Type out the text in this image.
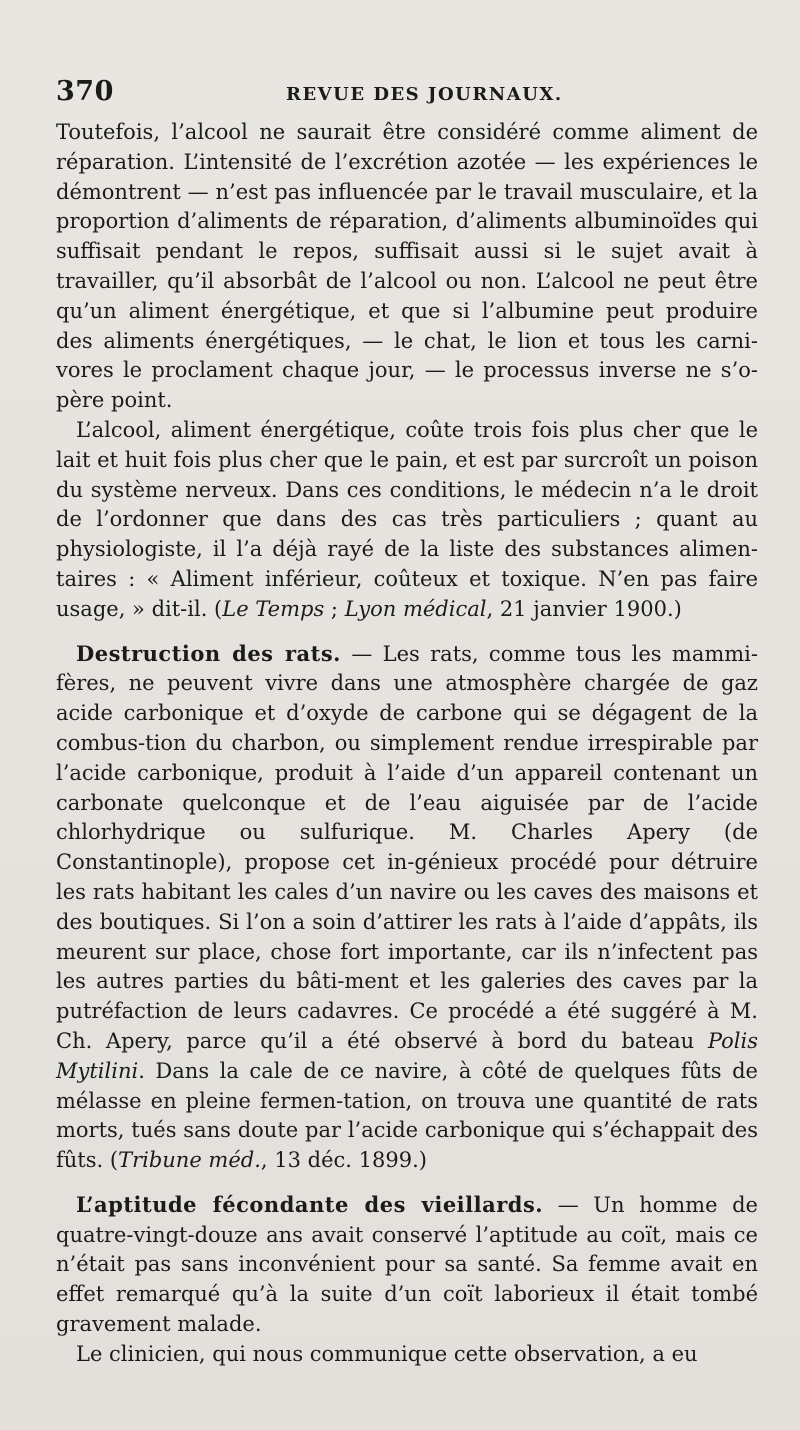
370	REVUE DES JOURNAUX.

Toutefois, l’alcool ne saurait être considéré comme aliment de réparation. L’intensité de l’excrétion azotée — les expériences le démontrent — n’est pas influencée par le travail musculaire, et la proportion d’aliments de réparation, d’aliments albuminoïdes qui suffisait pendant le repos, suffisait aussi si le sujet avait à travailler, qu’il absorbât de l’alcool ou non. L’alcool ne peut être qu’un aliment énergétique, et que si l’albumine peut produire des aliments énergétiques, — le chat, le lion et tous les carni-vores le proclament chaque jour, — le processus inverse ne s’o-père point.

L’alcool, aliment énergétique, coûte trois fois plus cher que le lait et huit fois plus cher que le pain, et est par surcroît un poison du système nerveux. Dans ces conditions, le médecin n’a le droit de l’ordonner que dans des cas très particuliers ; quant au physiologiste, il l’a déjà rayé de la liste des substances alimen-taires : « Aliment inférieur, coûteux et toxique. N’en pas faire usage, » dit-il. (Le Temps ; Lyon médical, 21 janvier 1900.)

Destruction des rats. — Les rats, comme tous les mammi-fères, ne peuvent vivre dans une atmosphère chargée de gaz acide carbonique et d’oxyde de carbone qui se dégagent de la combus-tion du charbon, ou simplement rendue irrespirable par l’acide carbonique, produit à l’aide d’un appareil contenant un carbonate quelconque et de l’eau aiguisée par de l’acide chlorhydrique ou sulfurique. M. Charles Apery (de Constantinople), propose cet in-génieux procédé pour détruire les rats habitant les cales d’un navire ou les caves des maisons et des boutiques. Si l’on a soin d’attirer les rats à l’aide d’appâts, ils meurent sur place, chose fort importante, car ils n’infectent pas les autres parties du bâti-ment et les galeries des caves par la putréfaction de leurs cadavres. Ce procédé a été suggéré à M. Ch. Apery, parce qu’il a été observé à bord du bateau Polis Mytilini. Dans la cale de ce navire, à côté de quelques fûts de mélasse en pleine fermen-tation, on trouva une quantité de rats morts, tués sans doute par l’acide carbonique qui s’échappait des fûts. (Tribune méd., 13 déc. 1899.)

L’aptitude fécondante des vieillards. — Un homme de quatre-vingt-douze ans avait conservé l’aptitude au coït, mais ce n’était pas sans inconvénient pour sa santé. Sa femme avait en effet remarqué qu’à la suite d’un coït laborieux il était tombé gravement malade.

Le clinicien, qui nous communique cette observation, a eu
